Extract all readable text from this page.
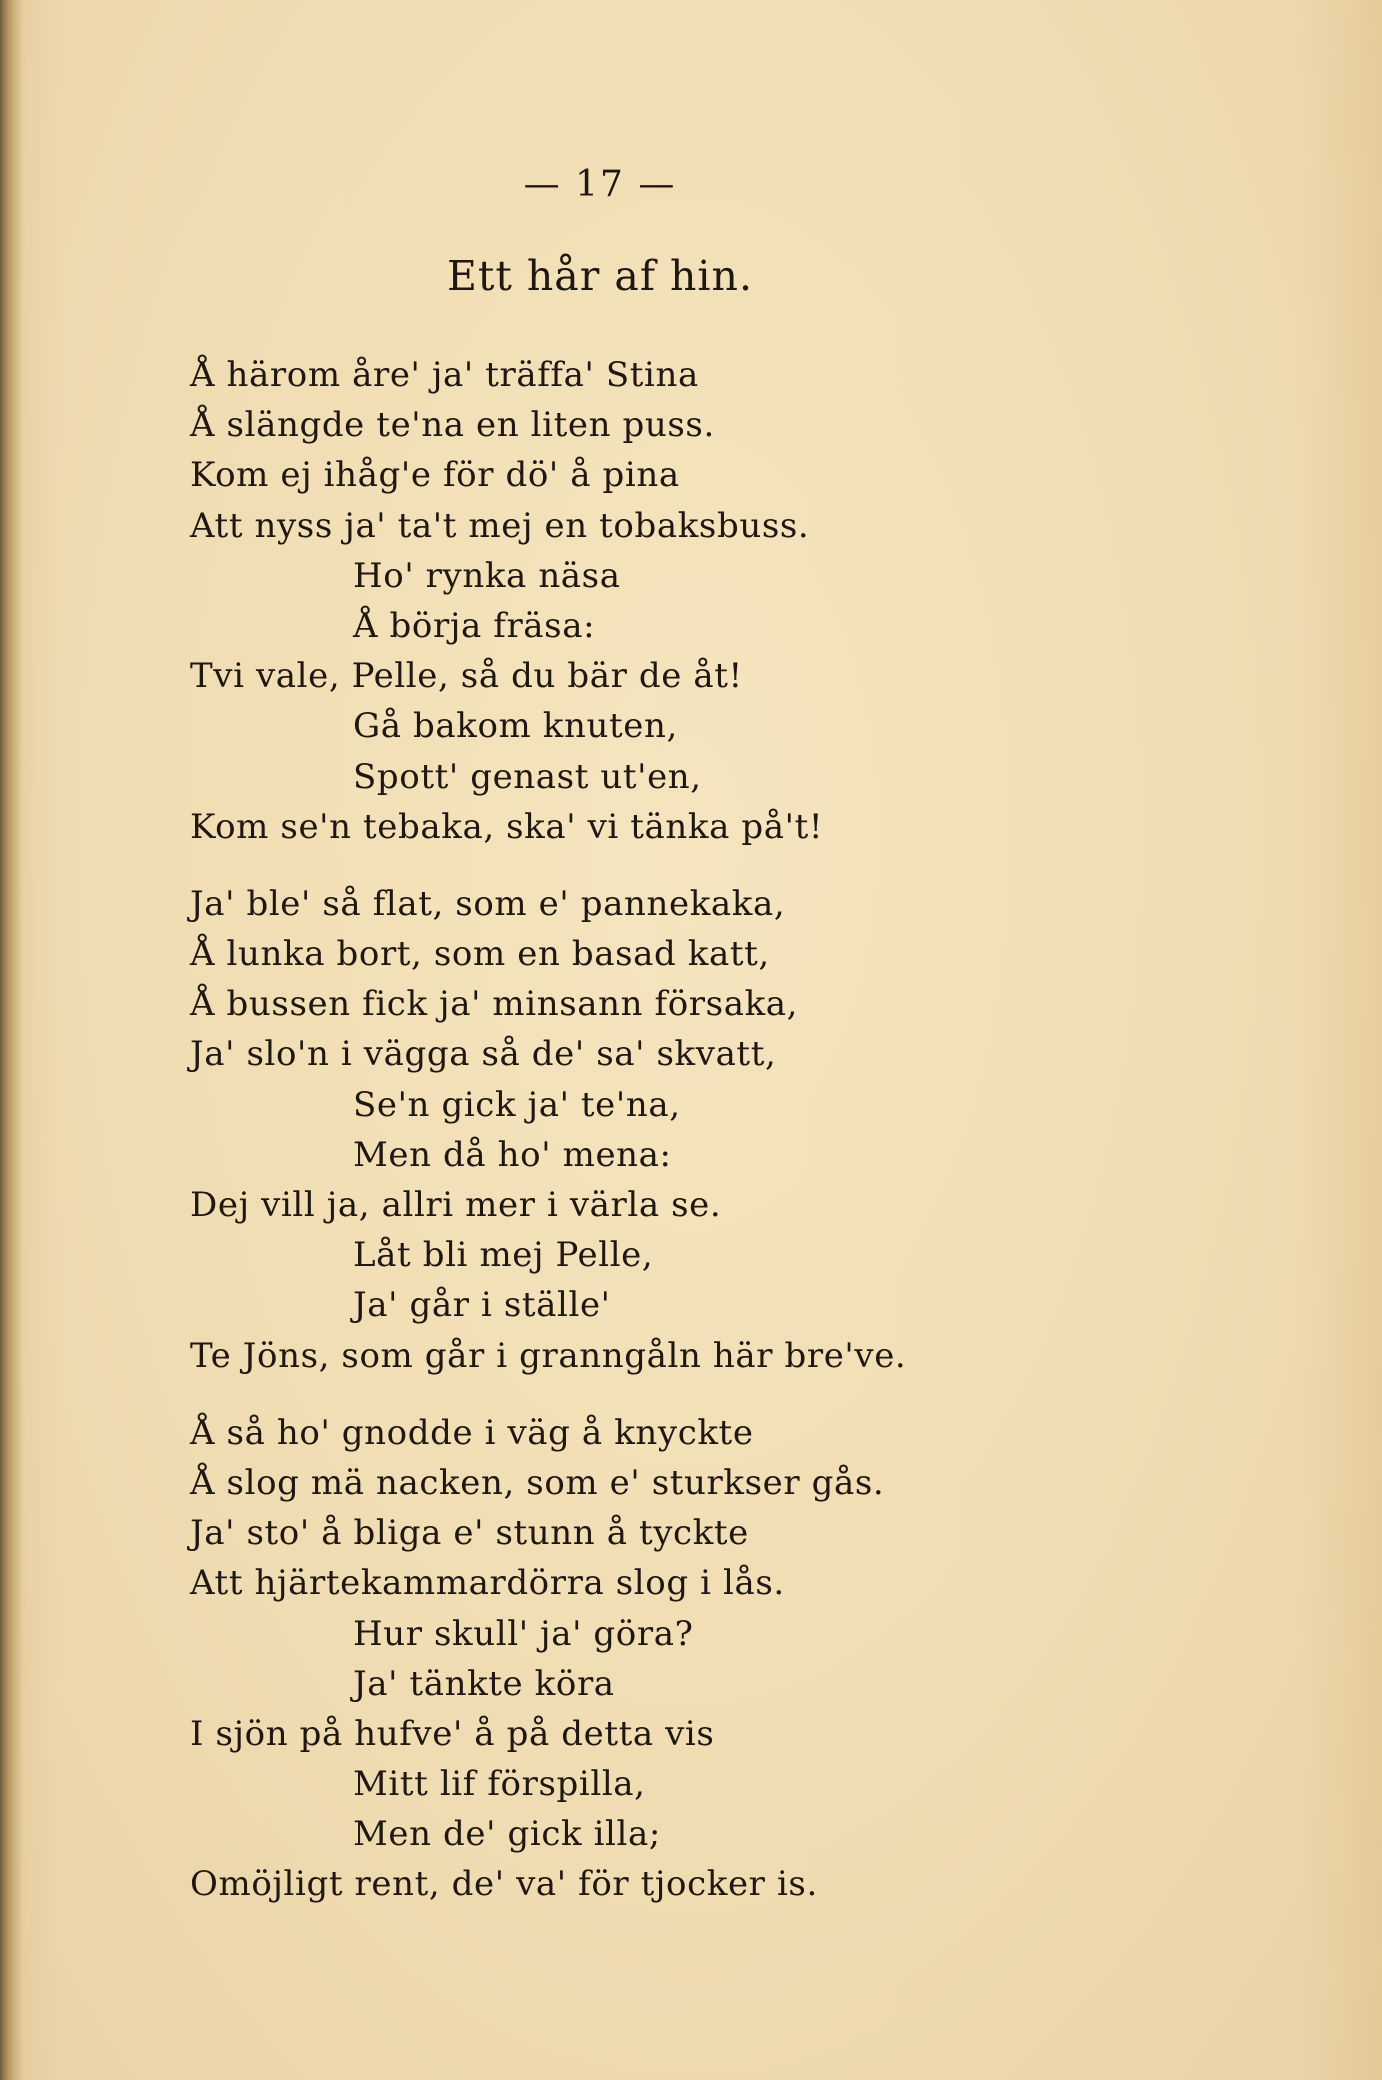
— 17 —
Ett hår af hin.
Å härom åre' ja' träffa' Stina
Å slängde te'na en liten puss.
Kom ej ihåg'e för dö' å pina
Att nyss ja' ta't mej en tobaksbuss.
Ho' rynka näsa
Å börja fräsa:
Tvi vale, Pelle, så du bär de åt!
Gå bakom knuten,
Spott' genast ut'en,
Kom se'n tebaka, ska' vi tänka på't!
Ja' ble' så flat, som e' pannekaka,
Å lunka bort, som en basad katt,
Å bussen fick ja' minsann försaka,
Ja' slo'n i vägga så de' sa' skvatt,
Se'n gick ja' te'na,
Men då ho' mena:
Dej vill ja, allri mer i värla se.
Låt bli mej Pelle,
Ja' går i ställe'
Te Jöns, som går i granngåln här bre've.
Å så ho' gnodde i väg å knyckte
Å slog mä nacken, som e' sturkser gås.
Ja' sto' å bliga e' stunn å tyckte
Att hjärtekammardörra slog i lås.
Hur skull' ja' göra?
Ja' tänkte köra
I sjön på hufve' å på detta vis
Mitt lif förspilla,
Men de' gick illa;
Omöjligt rent, de' va' för tjocker is.
